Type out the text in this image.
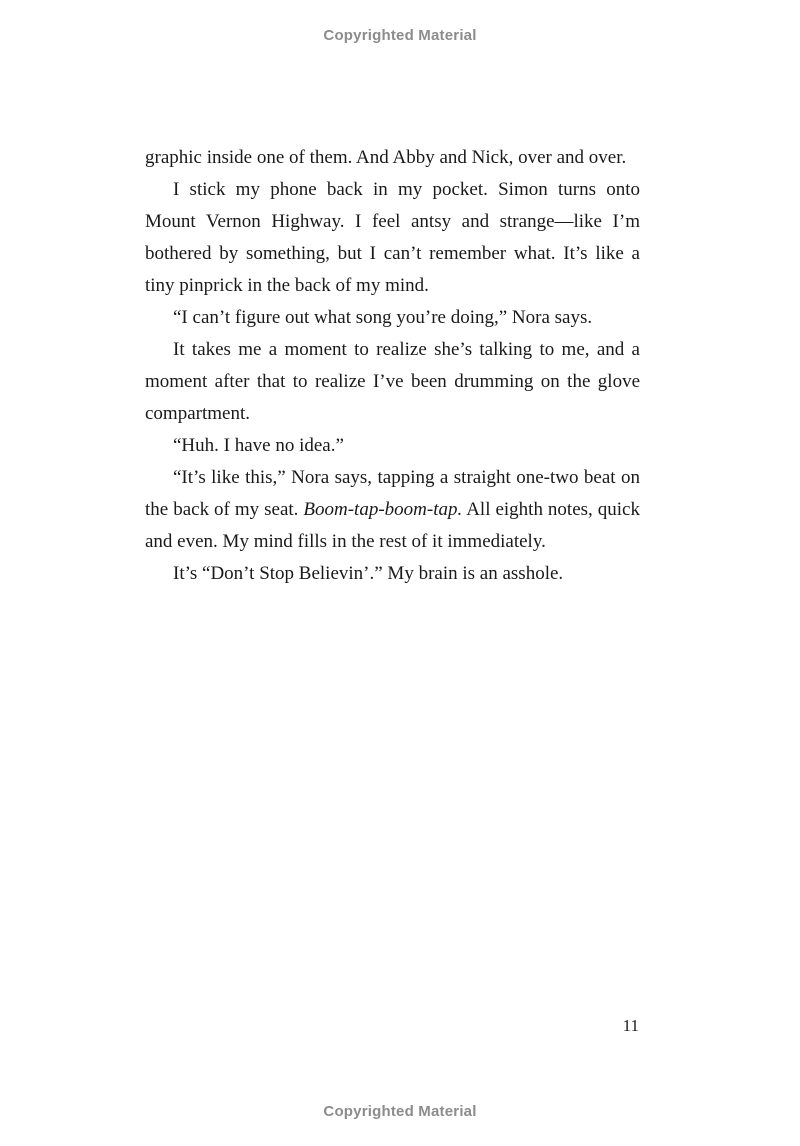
Copyrighted Material

graphic inside one of them. And Abby and Nick, over and over.

I stick my phone back in my pocket. Simon turns onto Mount Vernon Highway. I feel antsy and strange—like I’m bothered by something, but I can’t remember what. It’s like a tiny pinprick in the back of my mind.

“I can’t figure out what song you’re doing,” Nora says.

It takes me a moment to realize she’s talking to me, and a moment after that to realize I’ve been drumming on the glove compartment.

“Huh. I have no idea.”

“It’s like this,” Nora says, tapping a straight one-two beat on the back of my seat. Boom-tap-boom-tap. All eighth notes, quick and even. My mind fills in the rest of it immediately.

It’s “Don’t Stop Believin’.” My brain is an asshole.

11
Copyrighted Material
